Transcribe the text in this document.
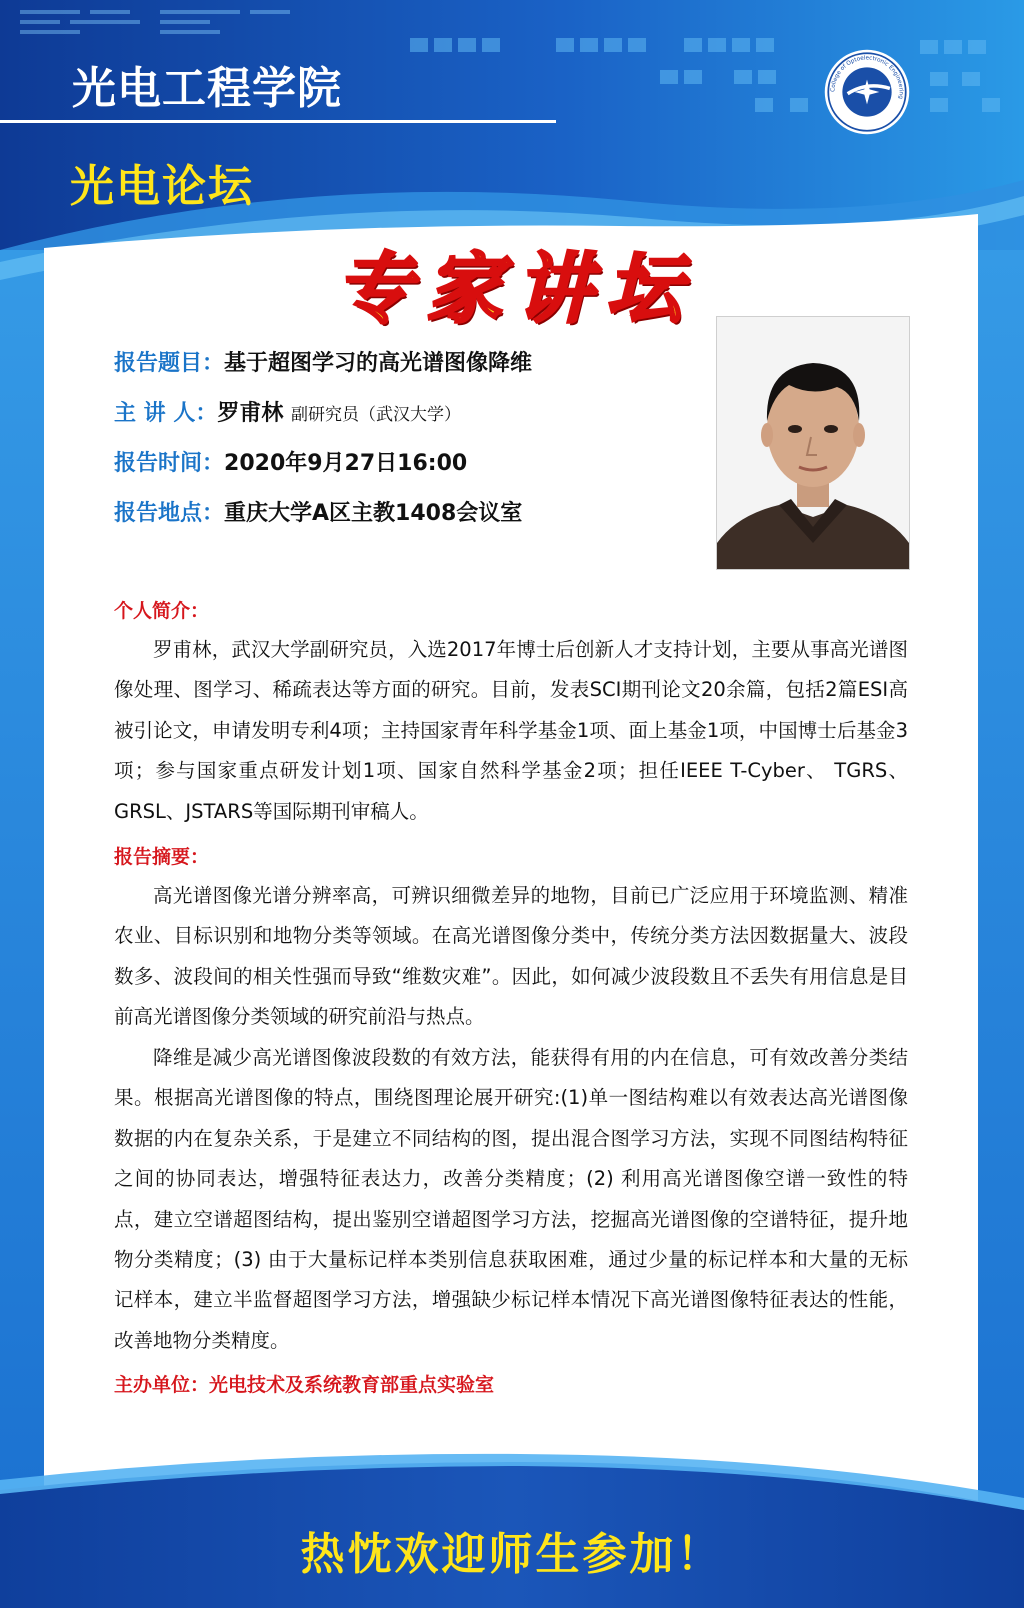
光电工程学院
光电论坛
College of Optoelectronic Engineering
专家讲坛
报告题目：基于超图学习的高光谱图像降维
主 讲 人：罗甫林 副研究员（武汉大学）
报告时间：2020年9月27日16:00
报告地点：重庆大学A区主教1408会议室
个人简介：

罗甫林，武汉大学副研究员，入选2017年博士后创新人才支持计划，主要从事高光谱图像处理、图学习、稀疏表达等方面的研究。目前，发表SCI期刊论文20余篇，包括2篇ESI高被引论文，申请发明专利4项；主持国家青年科学基金1项、面上基金1项，中国博士后基金3项；参与国家重点研发计划1项、国家自然科学基金2项；担任IEEE T-Cyber、 TGRS、GRSL、JSTARS等国际期刊审稿人。

报告摘要：

高光谱图像光谱分辨率高，可辨识细微差异的地物，目前已广泛应用于环境监测、精准农业、目标识别和地物分类等领域。在高光谱图像分类中，传统分类方法因数据量大、波段数多、波段间的相关性强而导致“维数灾难”。因此，如何减少波段数且不丢失有用信息是目前高光谱图像分类领域的研究前沿与热点。

降维是减少高光谱图像波段数的有效方法，能获得有用的内在信息，可有效改善分类结果。根据高光谱图像的特点，围绕图理论展开研究:(1)单一图结构难以有效表达高光谱图像数据的内在复杂关系，于是建立不同结构的图，提出混合图学习方法，实现不同图结构特征之间的协同表达，增强特征表达力，改善分类精度；(2) 利用高光谱图像空谱一致性的特点，建立空谱超图结构，提出鉴别空谱超图学习方法，挖掘高光谱图像的空谱特征，提升地物分类精度；(3) 由于大量标记样本类别信息获取困难，通过少量的标记样本和大量的无标记样本，建立半监督超图学习方法，增强缺少标记样本情况下高光谱图像特征表达的性能，改善地物分类精度。

主办单位：光电技术及系统教育部重点实验室
热忱欢迎师生参加！
